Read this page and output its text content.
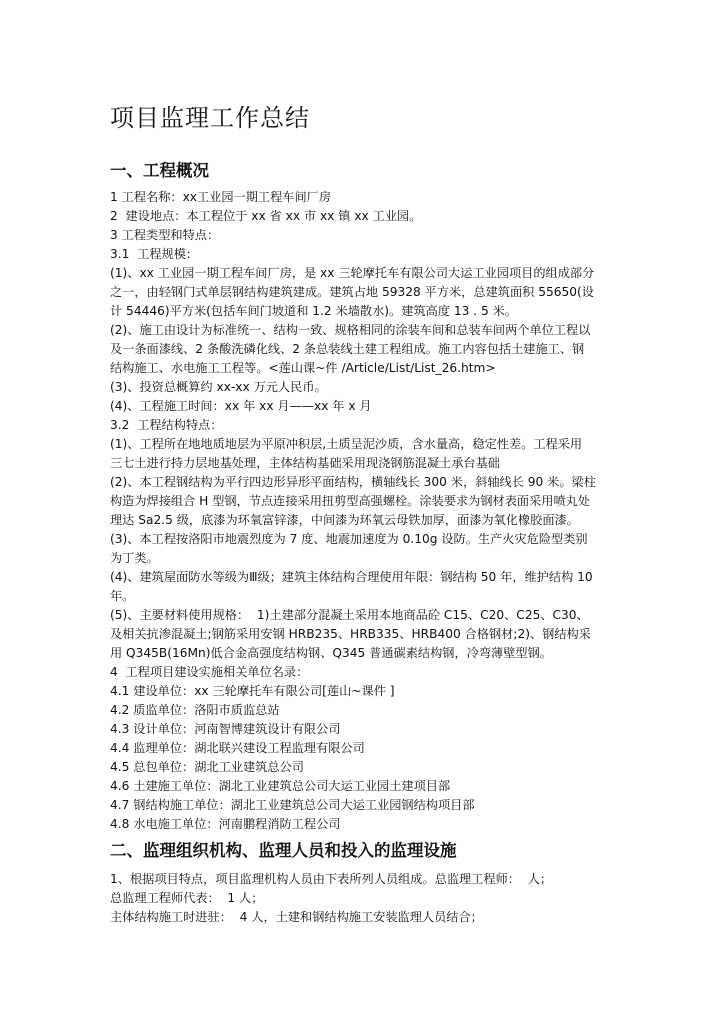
项目监理工作总结
一、工程概况

1 工程名称：xx工业园一期工程车间厂房

2  建设地点：本工程位于 xx 省 xx 市 xx 镇 xx 工业园。

3 工程类型和特点：

3.1  工程规模：

(1)、xx 工业园一期工程车间厂房，是 xx 三轮摩托车有限公司大运工业园项目的组成部分

之一，由轻钢门式单层钢结构建筑建成。建筑占地 59328 平方米，总建筑面积 55650(设

计 54446)平方米(包括车间门坡道和 1.2 米墙散水)。建筑高度 13 . 5 米。

(2)、施工由设计为标准统一、结构一致、规格相同的涂装车间和总装车间两个单位工程以

及一条面漆线、2 条酸洗磷化线、2 条总装线土建工程组成。施工内容包括土建施工、钢

结构施工、水电施工工程等。<莲山课~件 /Article/List/List_26.htm>

(3)、投资总概算约 xx-xx 万元人民币。

(4)、工程施工时间：xx 年 xx 月——xx 年 x 月

3.2  工程结构特点：

(1)、工程所在地地质地层为平原冲积层,土质呈泥沙质，含水量高，稳定性差。工程采用

三七土进行持力层地基处理，主体结构基础采用现浇钢筋混凝土承台基础

(2)、本工程钢结构为平行四边形异形平面结构，横轴线长 300 米，斜轴线长 90 米。梁柱

构造为焊接组合 H 型钢，节点连接采用扭剪型高强螺栓。涂装要求为钢材表面采用喷丸处

理达 Sa2.5 级，底漆为环氧富锌漆，中间漆为环氧云母铁加厚，面漆为氧化橡胶面漆。

(3)、本工程按洛阳市地震烈度为 7 度、地震加速度为 0.10g 设防。生产火灾危险型类别

为丁类。

(4)、建筑屋面防水等级为Ⅲ级；建筑主体结构合理使用年限：钢结构 50 年，维护结构 10

年。

(5)、主要材料使用规格：  1)土建部分混凝土采用本地商品砼 C15、C20、C25、C30、

及相关抗渗混凝土;钢筋采用安钢 HRB235、HRB335、HRB400 合格钢材;2)、钢结构采

用 Q345B(16Mn)低合金高强度结构钢、Q345 普通碳素结构钢，冷弯薄壁型钢。

4  工程项目建设实施相关单位名录：

4.1 建设单位：xx 三轮摩托车有限公司[莲山~课件 ]

4.2 质监单位：洛阳市质监总站

4.3 设计单位：河南智博建筑设计有限公司

4.4 监理单位：湖北联兴建设工程监理有限公司

4.5 总包单位：湖北工业建筑总公司

4.6 土建施工单位：湖北工业建筑总公司大运工业园土建项目部

4.7 钢结构施工单位：湖北工业建筑总公司大运工业园钢结构项目部

4.8 水电施工单位：河南鹏程消防工程公司

二、监理组织机构、监理人员和投入的监理设施

1、根据项目特点，项目监理机构人员由下表所列人员组成。总监理工程师：  人；

总监理工程师代表：  1 人；

主体结构施工时进驻：  4 人，土建和钢结构施工安装监理人员结合；
